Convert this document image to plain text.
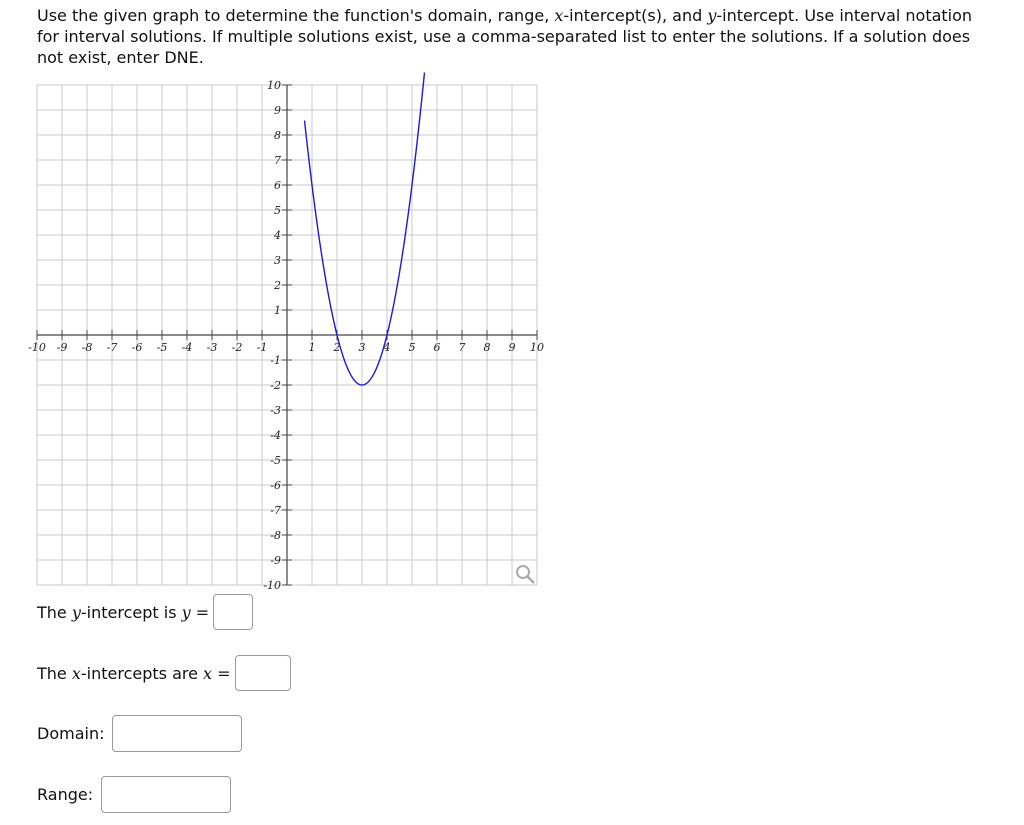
Use the given graph to determine the function's domain, range, x-intercept(s), and y-intercept. Use interval notation for interval solutions. If multiple solutions exist, use a comma-separated list to enter the solutions. If a solution does not exist, enter DNE.
-10 -9 -8 -7 -6 -5 -4 -3 -2 -1	1 2 3 4 5 6 7 8 9 10
-10
-9
-8
-7
-6
-5
-4
-3
-2
-1
1
2
3
4
5
6
7
8
9
10
The y-intercept is y =
The x-intercepts are x =
Domain:
Range:
